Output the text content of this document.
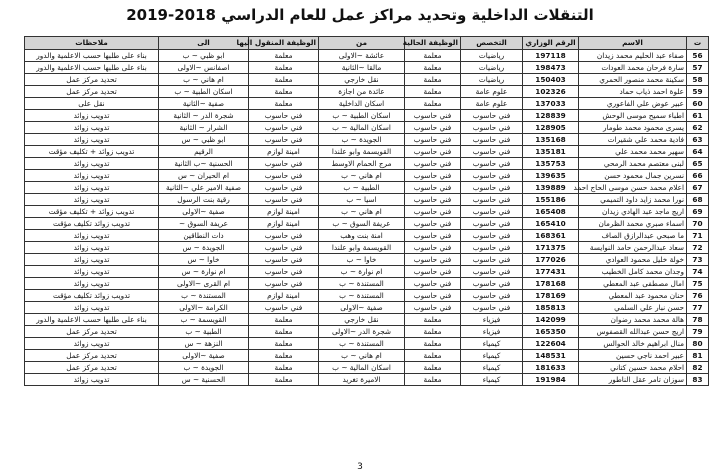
التنقلات الداخلية وتحديد مراكز عمل للعام الدراسي 2018-2019
ت	الاسم	الرقم الوزاري	التخصص	الوظيفة الحالية	من	الوظيفة المنقول اليها	الى	ملاحظات
56	صفاء عبد الحليم محمد زيدان	197118	رياضيات	معلمة	عائشة ~الاولى	معلمة	ابو ظبي ~ ب	بناء على طلبها حسب الاعلمية والدور
57	سارة فرحان محمد العودات	198473	رياضيات	معلمة	مالقا ~الثانية	معلمة	اصفانس ~الاولى	بناء على طلبها حسب الاعلمية والدور
58	سكينة محمد منصور الحمري	150403	رياضيات	معلمة	نقل خارجي	معلمة	ام هاني ~ ب	تحديد مركز عمل
59	علوة احمد ذياب حماد	102326	علوم عامة	معلمة	عائدة من اجازة	معلمة	اسكان الطبية ~ ب	تحديد مركز عمل
60	عبير عوض علي الفاعوري	137033	علوم عامة	معلمة	اسكان الداخلية	معلمة	صفية ~الثانية	نقل على
61	اطباء سميح موسى الوحش	128839	فني حاسوب	فني حاسوب	اسكان الطبية ~ ب	فني حاسوب	شجرة الدر ~ الثانية	تدويب زوائد
62	يسرى محمود محمد طومار	128905	فني حاسوب	فني حاسوب	اسكان المالية ~ ب	فني حاسوب	الشرار ~ الثانية	تدويب زوائد
63	فادية محمد علي شقيرات	135168	فني حاسوب	فني حاسوب	الجويدة ~ ب	فني حاسوب	ابو ظبي ~ س	تدويب زوائد
64	سهير محمد محمد علي	135181	فني حاسوب	فني حاسوب	القويسمة وابو علندا	امينة لوازم	الرقيم	تدويب زوائد + تكليف مؤقت
65	لبنى معتصم محمد الرمحي	135753	فني حاسوب	فني حاسوب	مرج الحمام الاوسط	فني حاسوب	الحسنية ~ب الثانية	تدويب زوائد
66	نسرين جمال محمود حسن	139635	فني حاسوب	فني حاسوب	ام هاني ~ ب	فني حاسوب	ام الحيران ~ س	تدويب زوائد
67	اعلام محمد حسن موسى الحاج احمد	139889	فني حاسوب	فني حاسوب	الطبية ~ ب	فني حاسوب	صفية الامير علي ~الثانية	تدويب زوائد
68	نورا محمد زايد داود التميمي	155186	فني حاسوب	فني حاسوب	اسيا ~ ب	فني حاسوب	رقية بنت الرسول	تدويب زوائد
69	اريج ماجد عبد الهادي زيدان	165408	فني حاسوب	فني حاسوب	ام هاني ~ ب	امينة لوازم	صفية ~الاولى	تدويب زوائد + تكليف مؤقت
70	اسماء صبري محمد الظرمان	165410	فني حاسوب	فني حاسوب	عريفة السوق ~ ب	امينة لوازم	عريفة السوق ~	تدويب زوائد تكليف مؤقت
71	ما صبحي عبدالرازق الصاف	168361	فني حاسوب	فني حاسوب	امنة بنت وهب	فني حاسوب	دات النطاقين	تدويب زوائد
72	سعاد عبدالرحمن حامد النوايسة	171375	فني حاسوب	فني حاسوب	القويسمة وابو علندا	فني حاسوب	الجويدة ~ س	تدويب زوائد
73	خولة خليل محمود العوادي	177026	فني حاسوب	فني حاسوب	خاوا ~ ب	فني حاسوب	خاوا ~ س	تدويب زوائد
74	وجدان محمد كامل الخطيب	177431	فني حاسوب	فني حاسوب	ام نوارة ~ ب	فني حاسوب	ام نوارة ~ س	تدويب زوائد
75	امال مصطفى عبد المعطي	178168	فني حاسوب	فني حاسوب	المستندة ~ ب	فني حاسوب	ام القرى ~الاولى	تدويب زوائد
76	حنان محمود عبد المعطي	178169	فني حاسوب	فني حاسوب	المستندة ~ ب	امينة لوازم	المستندة ~ ب	تدويب زوائد تكليف مؤقت
77	حسن نبار علي السلمي	185813	فني حاسوب	فني حاسوب	صفية ~الاولى	فني حاسوب	الكرامة ~الاولى	تدويب زوائد
78	هالة محمد محمد رضوان	142099	فيزياء	معلمة	نقل خارجي	معلمة	القويسمة ~ ب	بناء على طلبها حسب الاعلمية والدور
79	اريج حسن عبدالله القصفوس	165350	فيزياء	معلمة	شجرة الدر ~الاولى	معلمة	الطبية ~ ب	تحديد مركز عمل
80	منال ابراهيم خالد الحوالس	122604	كيمياء	معلمة	المستندة ~ ب	معلمة	النزهة ~ س	تدويب زوائد
81	عبير احمد ناجي حسين	148531	كيمياء	معلمة	ام هاني ~ ب	معلمة	صفية ~الاولى	تحديد مركز عمل
82	احلام محمد حسين كتاني	181633	كيمياء	معلمة	اسكان المالية ~ ب	معلمة	الجويدة ~ ب	تحديد مركز عمل
83	سوزان تامر عقل الناطور	191984	كيمياء	معلمة	الاميرة تغريد	معلمة	الحسنية ~ س	تدويب زوائد
3
